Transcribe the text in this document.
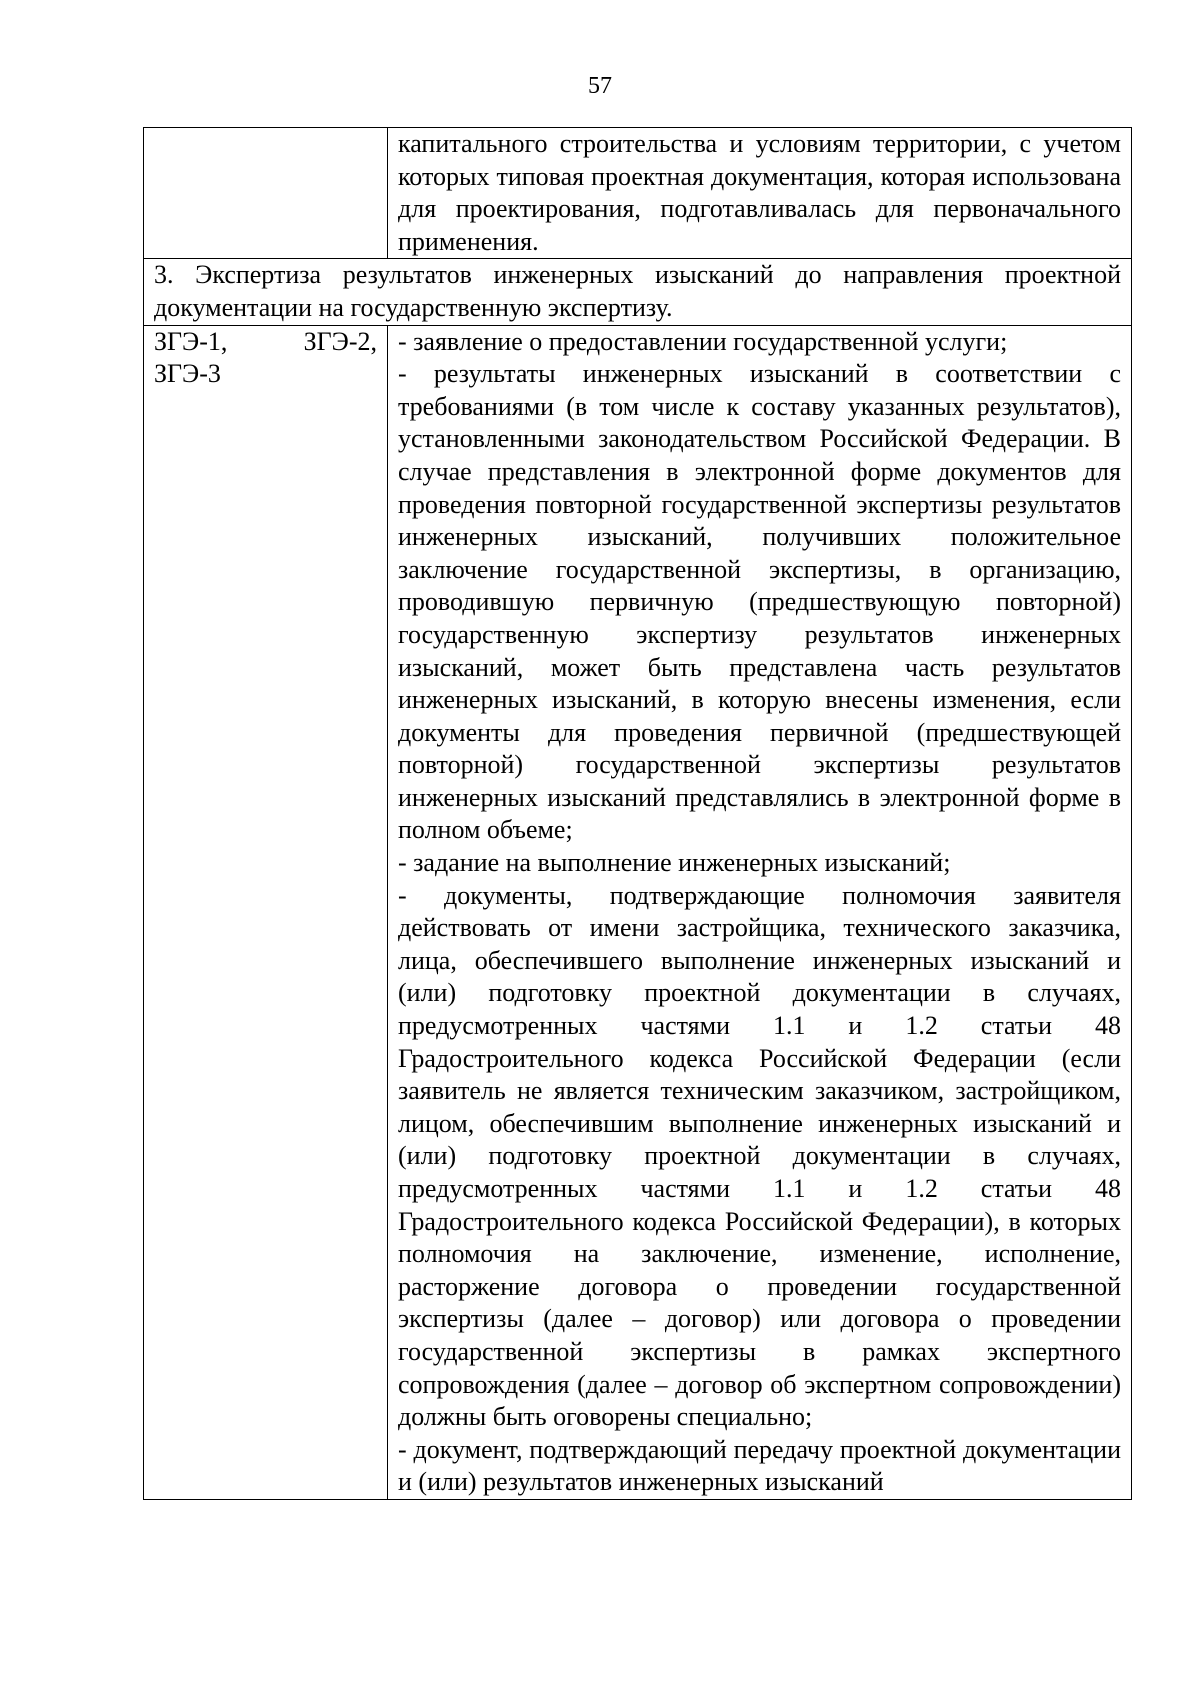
57

	капитального строительства и условиям территории, с учетом которых типовая проектная документация, которая использована для проектирования, подготавливалась для первоначального применения.

3. Экспертиза результатов инженерных изысканий до направления проектной документации на государственную экспертизу.	

ЗГЭ-1, ЗГЭ-2, ЗГЭ-3	- заявление о предоставлении государственной услуги;
- результаты инженерных изысканий в соответствии с требованиями (в том числе к составу указанных результатов), установленными законодательством Российской Федерации. В случае представления в электронной форме документов для проведения повторной государственной экспертизы результатов инженерных изысканий, получивших положительное заключение государственной экспертизы, в организацию, проводившую первичную (предшествующую повторной) государственную экспертизу результатов инженерных изысканий, может быть представлена часть результатов инженерных изысканий, в которую внесены изменения, если документы для проведения первичной (предшествующей повторной) государственной экспертизы результатов инженерных изысканий представлялись в электронной форме в полном объеме;
- задание на выполнение инженерных изысканий;
- документы, подтверждающие полномочия заявителя действовать от имени застройщика, технического заказчика, лица, обеспечившего выполнение инженерных изысканий и (или) подготовку проектной документации в случаях, предусмотренных частями 1.1 и 1.2 статьи 48 Градостроительного кодекса Российской Федерации (если заявитель не является техническим заказчиком, застройщиком, лицом, обеспечившим выполнение инженерных изысканий и (или) подготовку проектной документации в случаях, предусмотренных частями 1.1 и 1.2 статьи 48 Градостроительного кодекса Российской Федерации), в которых полномочия на заключение, изменение, исполнение, расторжение договора о проведении государственной экспертизы (далее – договор) или договора о проведении государственной экспертизы в рамках экспертного сопровождения (далее – договор об экспертном сопровождении) должны быть оговорены специально;
- документ, подтверждающий передачу проектной документации и (или) результатов инженерных изысканий
